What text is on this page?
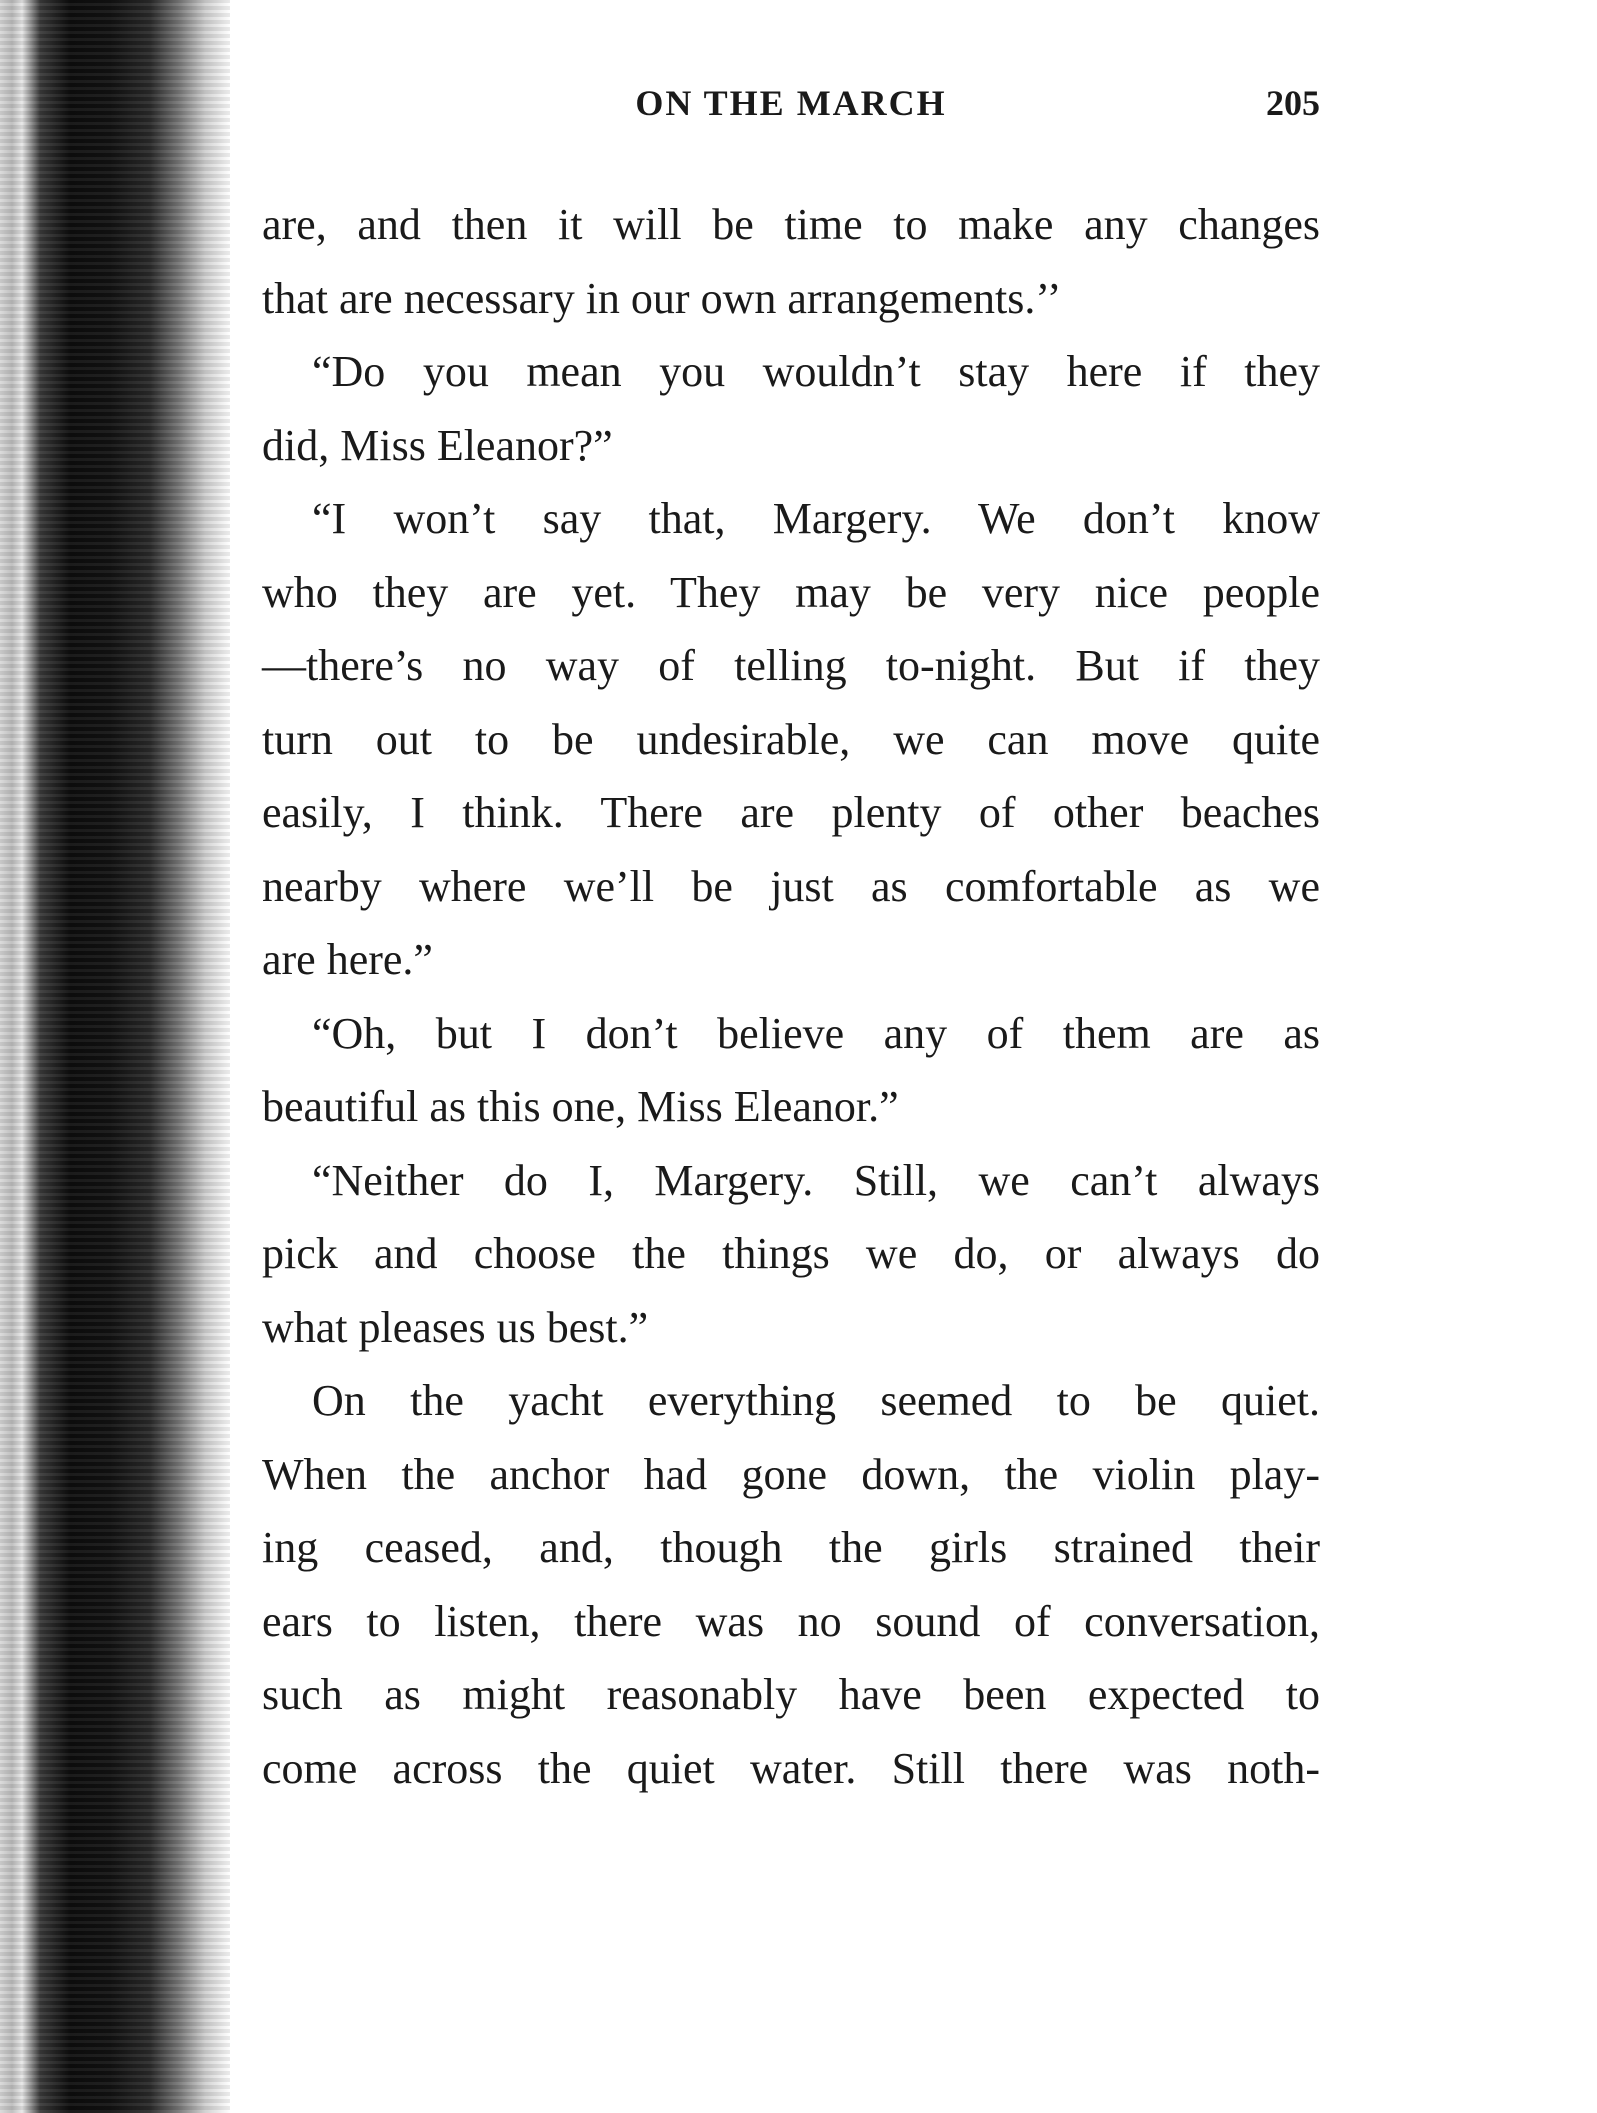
ON THE MARCH	205
are, and then it will be time to make any changes
that are necessary in our own arrangements.’’
“Do you mean you wouldn’t stay here if they
did, Miss Eleanor?”
“I won’t say that, Margery. We don’t know
who they are yet. They may be very nice people
—there’s no way of telling to-night. But if they
turn out to be undesirable, we can move quite
easily, I think. There are plenty of other beaches
nearby where we’ll be just as comfortable as we
are here.”
“Oh, but I don’t believe any of them are as
beautiful as this one, Miss Eleanor.”
“Neither do I, Margery. Still, we can’t always
pick and choose the things we do, or always do
what pleases us best.”
On the yacht everything seemed to be quiet.
When the anchor had gone down, the violin play-
ing ceased, and, though the girls strained their
ears to listen, there was no sound of conversation,
such as might reasonably have been expected to
come across the quiet water. Still there was noth-
